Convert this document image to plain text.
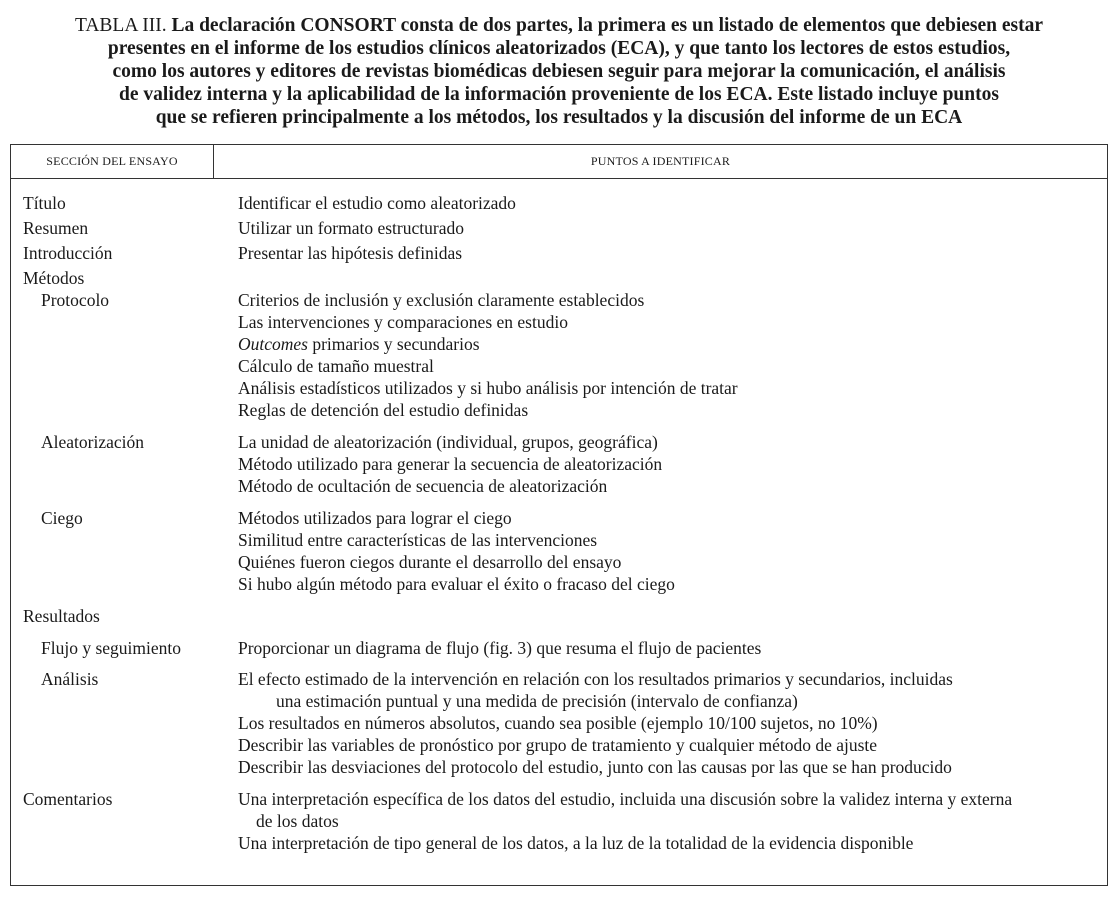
TABLA III. La declaración CONSORT consta de dos partes, la primera es un listado de elementos que debiesen estar
presentes en el informe de los estudios clínicos aleatorizados (ECA), y que tanto los lectores de estos estudios,
como los autores y editores de revistas biomédicas debiesen seguir para mejorar la comunicación, el análisis
de validez interna y la aplicabilidad de la información proveniente de los ECA. Este listado incluye puntos
que se refieren principalmente a los métodos, los resultados y la discusión del informe de un ECA
SECCIÓN DEL ENSAYO	PUNTOS A IDENTIFICAR
Título	Identificar el estudio como aleatorizado
Resumen	Utilizar un formato estructurado
Introducción	Presentar las hipótesis definidas
Métodos
Protocolo	Criterios de inclusión y exclusión claramente establecidos
Las intervenciones y comparaciones en estudio
Outcomes primarios y secundarios
Cálculo de tamaño muestral
Análisis estadísticos utilizados y si hubo análisis por intención de tratar
Reglas de detención del estudio definidas
Aleatorización	La unidad de aleatorización (individual, grupos, geográfica)
Método utilizado para generar la secuencia de aleatorización
Método de ocultación de secuencia de aleatorización
Ciego	Métodos utilizados para lograr el ciego
Similitud entre características de las intervenciones
Quiénes fueron ciegos durante el desarrollo del ensayo
Si hubo algún método para evaluar el éxito o fracaso del ciego
Resultados
Flujo y seguimiento	Proporcionar un diagrama de flujo (fig. 3) que resuma el flujo de pacientes
Análisis	El efecto estimado de la intervención en relación con los resultados primarios y secundarios, incluidas
una estimación puntual y una medida de precisión (intervalo de confianza)
Los resultados en números absolutos, cuando sea posible (ejemplo 10/100 sujetos, no 10%)
Describir las variables de pronóstico por grupo de tratamiento y cualquier método de ajuste
Describir las desviaciones del protocolo del estudio, junto con las causas por las que se han producido
Comentarios	Una interpretación específica de los datos del estudio, incluida una discusión sobre la validez interna y externa
de los datos
Una interpretación de tipo general de los datos, a la luz de la totalidad de la evidencia disponible
